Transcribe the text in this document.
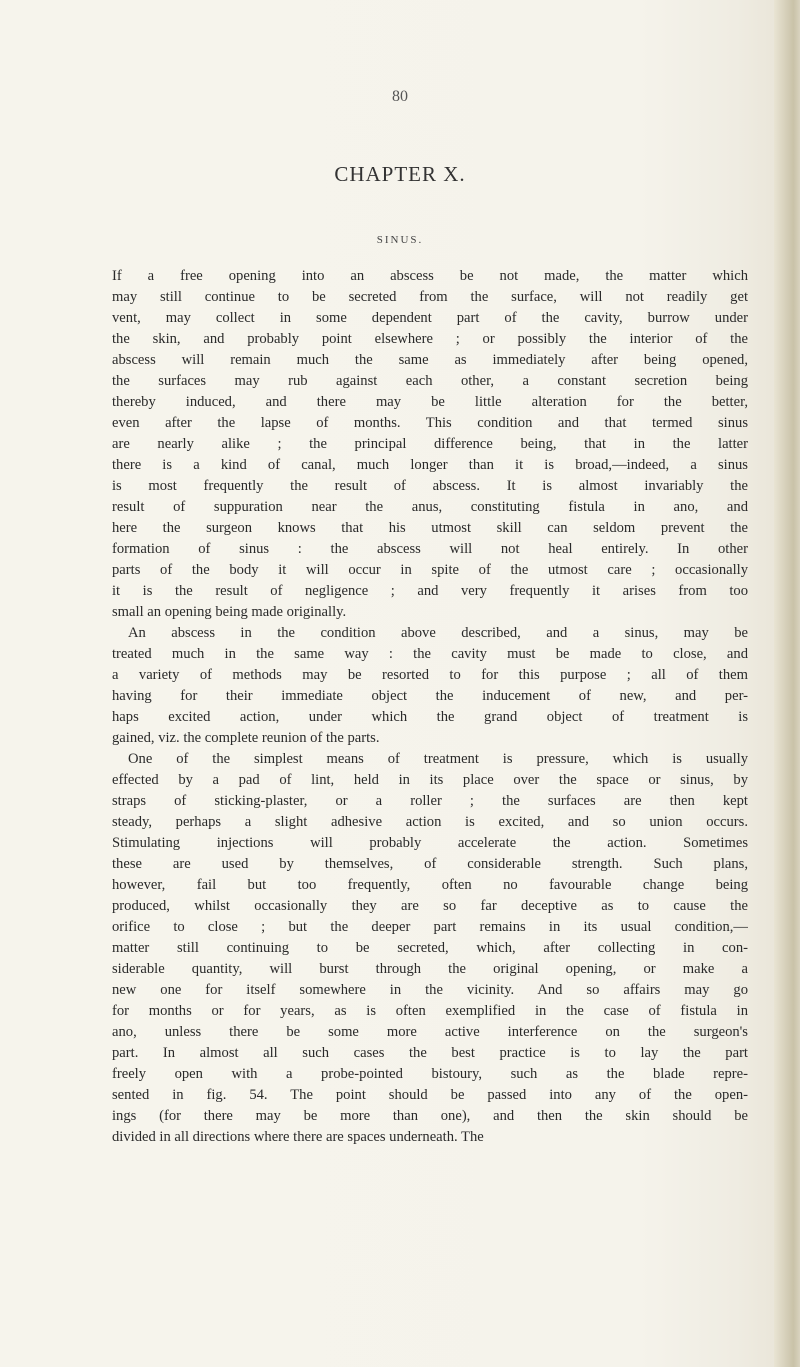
80
CHAPTER X.
SINUS.
If a free opening into an abscess be not made, the matter which
may still continue to be secreted from the surface, will not readily get
vent, may collect in some dependent part of the cavity, burrow under
the skin, and probably point elsewhere ; or possibly the interior of the
abscess will remain much the same as immediately after being opened,
the surfaces may rub against each other, a constant secretion being
thereby induced, and there may be little alteration for the better,
even after the lapse of months. This condition and that termed sinus
are nearly alike ; the principal difference being, that in the latter
there is a kind of canal, much longer than it is broad,—indeed, a sinus
is most frequently the result of abscess. It is almost invariably the
result of suppuration near the anus, constituting fistula in ano, and
here the surgeon knows that his utmost skill can seldom prevent the
formation of sinus : the abscess will not heal entirely. In other
parts of the body it will occur in spite of the utmost care ; occasionally
it is the result of negligence ; and very frequently it arises from too
small an opening being made originally.
An abscess in the condition above described, and a sinus, may be
treated much in the same way : the cavity must be made to close, and
a variety of methods may be resorted to for this purpose ; all of them
having for their immediate object the inducement of new, and per-
haps excited action, under which the grand object of treatment is
gained, viz. the complete reunion of the parts.
One of the simplest means of treatment is pressure, which is usually
effected by a pad of lint, held in its place over the space or sinus, by
straps of sticking-plaster, or a roller ; the surfaces are then kept
steady, perhaps a slight adhesive action is excited, and so union occurs.
Stimulating injections will probably accelerate the action. Sometimes
these are used by themselves, of considerable strength. Such plans,
however, fail but too frequently, often no favourable change being
produced, whilst occasionally they are so far deceptive as to cause the
orifice to close ; but the deeper part remains in its usual condition,—
matter still continuing to be secreted, which, after collecting in con-
siderable quantity, will burst through the original opening, or make a
new one for itself somewhere in the vicinity. And so affairs may go
for months or for years, as is often exemplified in the case of fistula in
ano, unless there be some more active interference on the surgeon's
part. In almost all such cases the best practice is to lay the part
freely open with a probe-pointed bistoury, such as the blade repre-
sented in fig. 54. The point should be passed into any of the open-
ings (for there may be more than one), and then the skin should be
divided in all directions where there are spaces underneath. The
